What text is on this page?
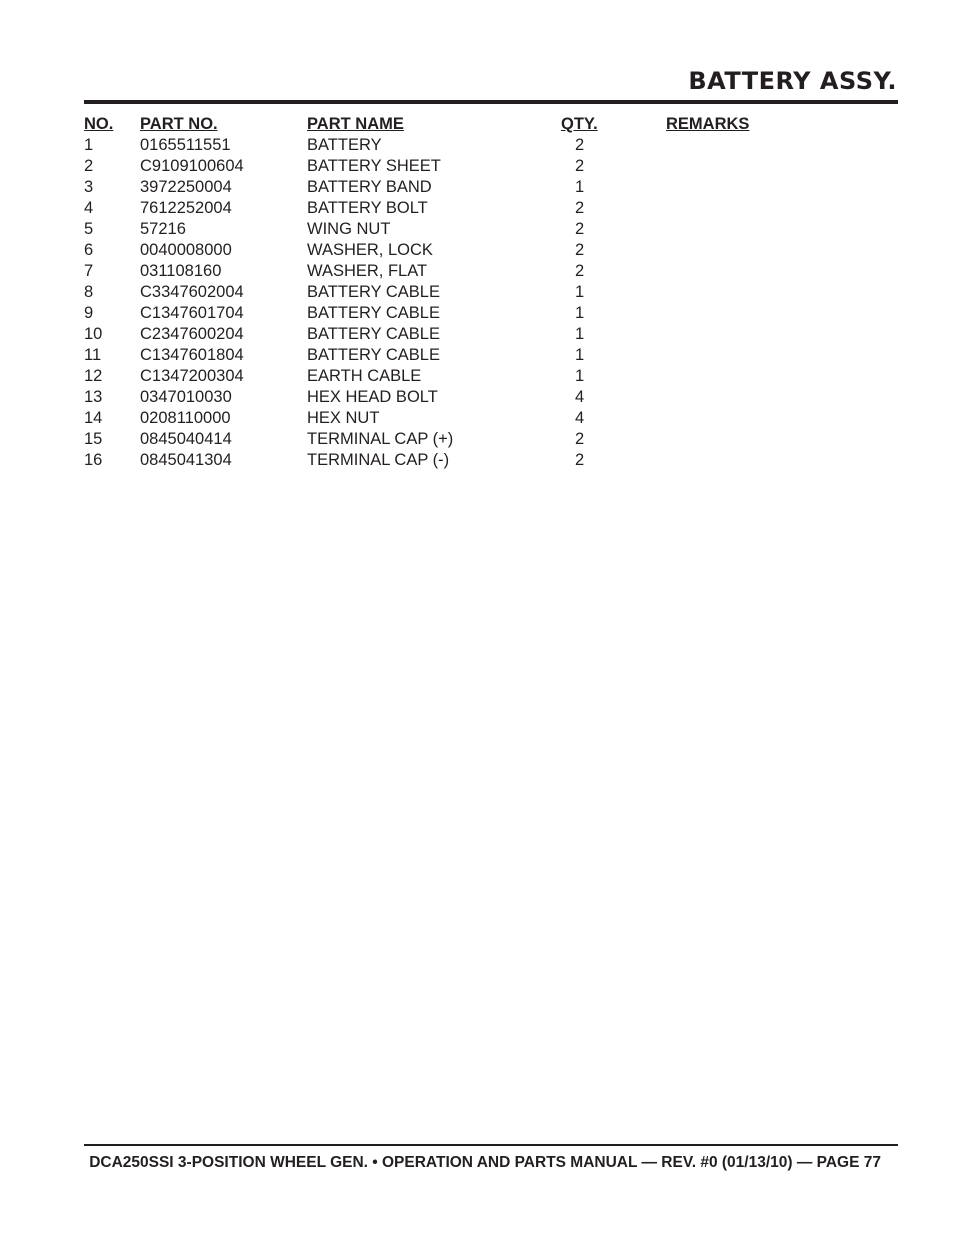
BATTERY ASSY.
NO.	PART NO.	PART NAME	QTY.	REMARKS
1	0165511551	BATTERY	2
2	C9109100604	BATTERY SHEET	2
3	3972250004	BATTERY BAND	1
4	7612252004	BATTERY BOLT	2
5	57216	WING NUT	2
6	0040008000	WASHER, LOCK	2
7	031108160	WASHER, FLAT	2
8	C3347602004	BATTERY CABLE	1
9	C1347601704	BATTERY CABLE	1
10	C2347600204	BATTERY CABLE	1
11	C1347601804	BATTERY CABLE	1
12	C1347200304	EARTH CABLE	1
13	0347010030	HEX HEAD BOLT	4
14	0208110000	HEX NUT	4
15	0845040414	TERMINAL CAP (+)	2
16	0845041304	TERMINAL CAP (-)	2
DCA250SSI 3-POSITION WHEEL GEN. • OPERATION AND PARTS MANUAL — REV. #0 (01/13/10) — PAGE 77
